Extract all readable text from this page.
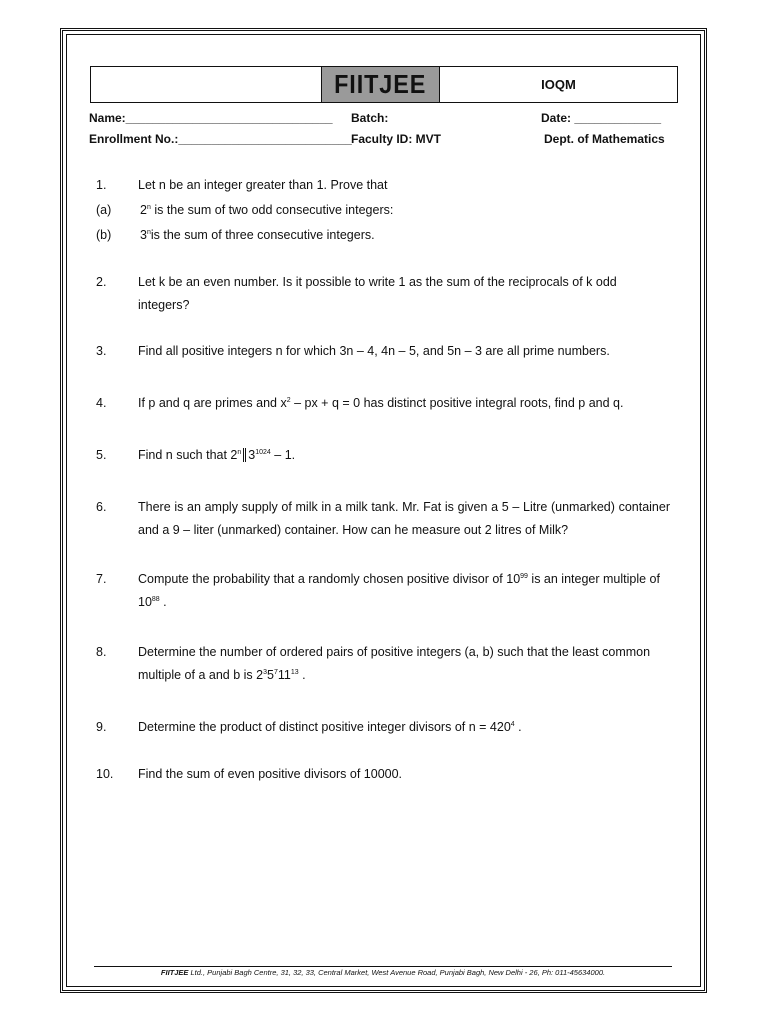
FIITJEE	IOQM
Name:_______________________________ Batch:	Date: _____________
Enrollment No.:__________________________ Faculty ID: MVT	Dept. of Mathematics
1.	Let n be an integer greater than 1. Prove that
(a) 2$^n$ is the sum of two odd consecutive integers:
(b) 3$^n$is the sum of three consecutive integers.
2.	Let k be an even number. Is it possible to write 1 as the sum of the reciprocals of k odd integers?
3.	Find all positive integers n for which 3n – 4, 4n – 5, and 5n – 3 are all prime numbers.
4.	If p and q are primes and $x^2$ – px + q = 0 has distinct positive integral roots, find p and q.
5.	Find n such that 2$^n$ $3^{1024} - 1$.
6.	There is an amply supply of milk in a milk tank. Mr. Fat is given a 5 – Litre (unmarked) container and a 9 – liter (unmarked) container. How can he measure out 2 litres of Milk?
7.	Compute the probability that a randomly chosen positive divisor of $10^{99}$ is an integer multiple of $10^{88}$ .
8.	Determine the number of ordered pairs of positive integers (a, b) such that the least common multiple of a and b is $2^35^711^{13}$ .
9.	Determine the product of distinct positive integer divisors of $n = 420^4$ .
10. Find the sum of even positive divisors of 10000.
FIITJEE Ltd., Punjabi Bagh Centre, 31, 32, 33, Central Market, West Avenue Road, Punjabi Bagh, New Delhi - 26, Ph: 011-45634000.
